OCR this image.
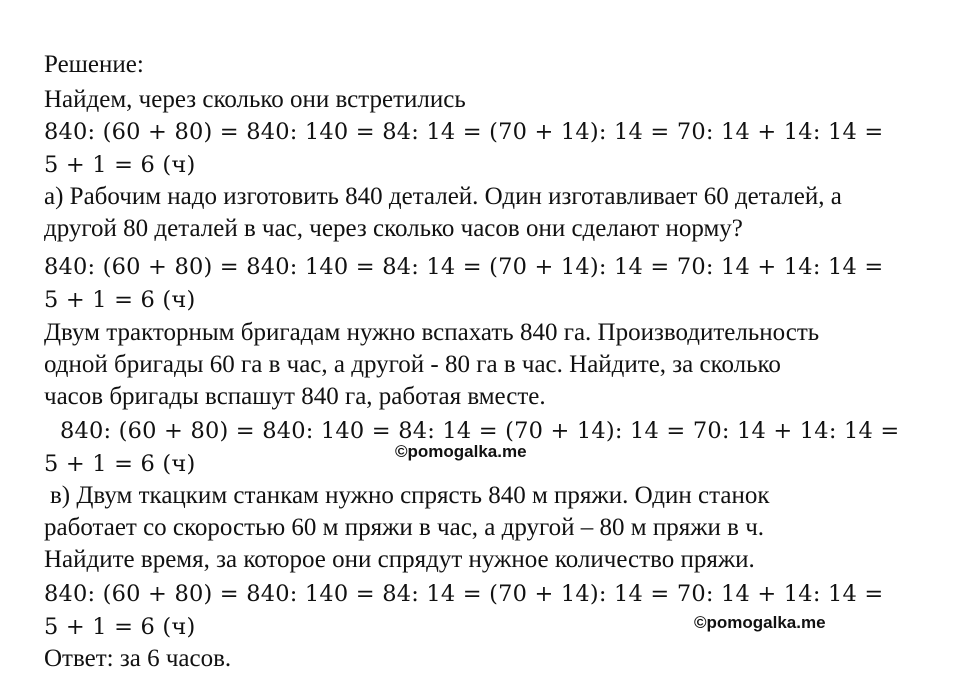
Решение:
Найдем, через сколько они встретились
840: (60 + 80) = 840: 140 = 84: 14 = (70 + 14): 14 = 70: 14 + 14: 14 =
5 + 1 = 6 (ч)
а) Рабочим надо изготовить 840 деталей. Один изготавливает 60 деталей, а
другой 80 деталей в час, через сколько часов они сделают норму?
840: (60 + 80) = 840: 140 = 84: 14 = (70 + 14): 14 = 70: 14 + 14: 14 =
5 + 1 = 6 (ч)
Двум тракторным бригадам нужно вспахать 840 га. Производительность
одной бригады 60 га в час, а другой - 80 га в час. Найдите, за сколько
часов бригады вспашут 840 га, работая вместе.
840: (60 + 80) = 840: 140 = 84: 14 = (70 + 14): 14 = 70: 14 + 14: 14 =
5 + 1 = 6 (ч)
в) Двум ткацким станкам нужно спрясть 840 м пряжи. Один станок
работает со скоростью 60 м пряжи в час, а другой – 80 м пряжи в ч.
Найдите время, за которое они спрядут нужное количество пряжи.
840: (60 + 80) = 840: 140 = 84: 14 = (70 + 14): 14 = 70: 14 + 14: 14 =
5 + 1 = 6 (ч)
Ответ: за 6 часов.
©pomogalka.me
©pomogalka.me
